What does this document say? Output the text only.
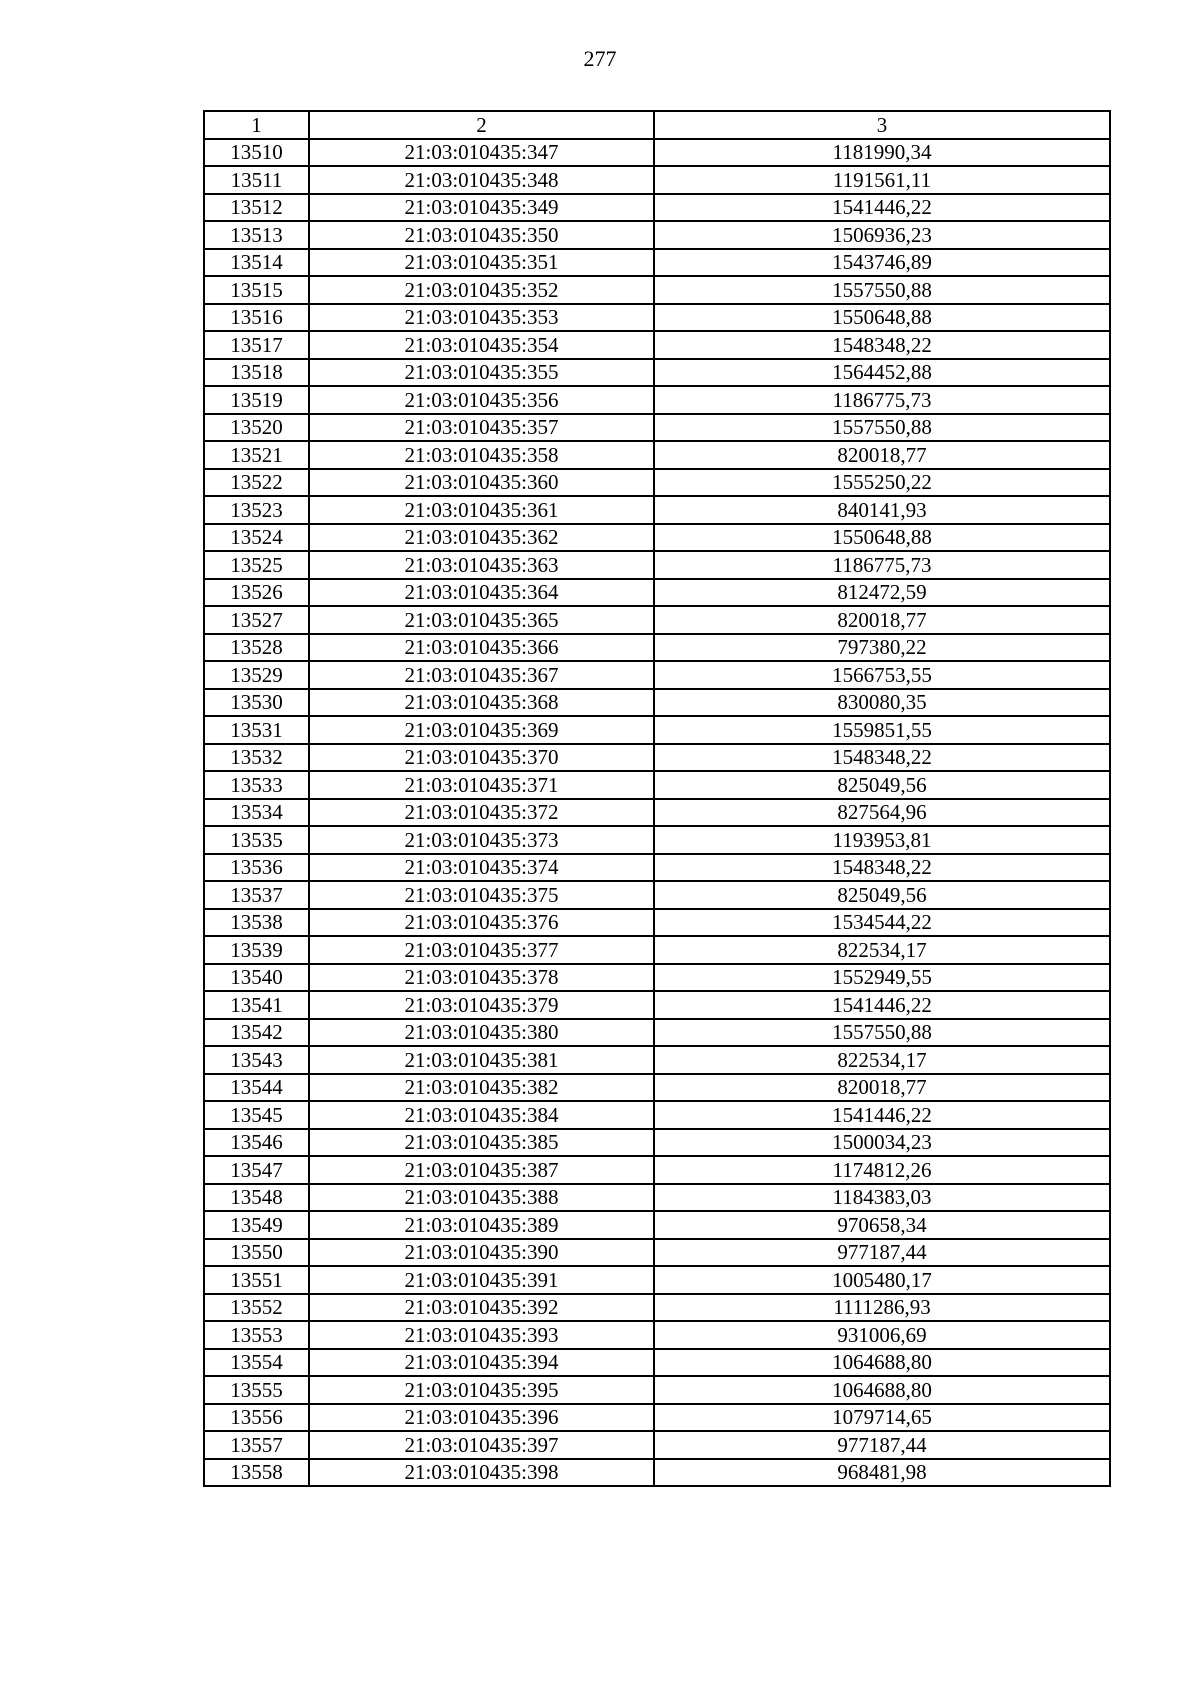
277
1	2	3
13510	21:03:010435:347	1181990,34
13511	21:03:010435:348	1191561,11
13512	21:03:010435:349	1541446,22
13513	21:03:010435:350	1506936,23
13514	21:03:010435:351	1543746,89
13515	21:03:010435:352	1557550,88
13516	21:03:010435:353	1550648,88
13517	21:03:010435:354	1548348,22
13518	21:03:010435:355	1564452,88
13519	21:03:010435:356	1186775,73
13520	21:03:010435:357	1557550,88
13521	21:03:010435:358	820018,77
13522	21:03:010435:360	1555250,22
13523	21:03:010435:361	840141,93
13524	21:03:010435:362	1550648,88
13525	21:03:010435:363	1186775,73
13526	21:03:010435:364	812472,59
13527	21:03:010435:365	820018,77
13528	21:03:010435:366	797380,22
13529	21:03:010435:367	1566753,55
13530	21:03:010435:368	830080,35
13531	21:03:010435:369	1559851,55
13532	21:03:010435:370	1548348,22
13533	21:03:010435:371	825049,56
13534	21:03:010435:372	827564,96
13535	21:03:010435:373	1193953,81
13536	21:03:010435:374	1548348,22
13537	21:03:010435:375	825049,56
13538	21:03:010435:376	1534544,22
13539	21:03:010435:377	822534,17
13540	21:03:010435:378	1552949,55
13541	21:03:010435:379	1541446,22
13542	21:03:010435:380	1557550,88
13543	21:03:010435:381	822534,17
13544	21:03:010435:382	820018,77
13545	21:03:010435:384	1541446,22
13546	21:03:010435:385	1500034,23
13547	21:03:010435:387	1174812,26
13548	21:03:010435:388	1184383,03
13549	21:03:010435:389	970658,34
13550	21:03:010435:390	977187,44
13551	21:03:010435:391	1005480,17
13552	21:03:010435:392	1111286,93
13553	21:03:010435:393	931006,69
13554	21:03:010435:394	1064688,80
13555	21:03:010435:395	1064688,80
13556	21:03:010435:396	1079714,65
13557	21:03:010435:397	977187,44
13558	21:03:010435:398	968481,98
